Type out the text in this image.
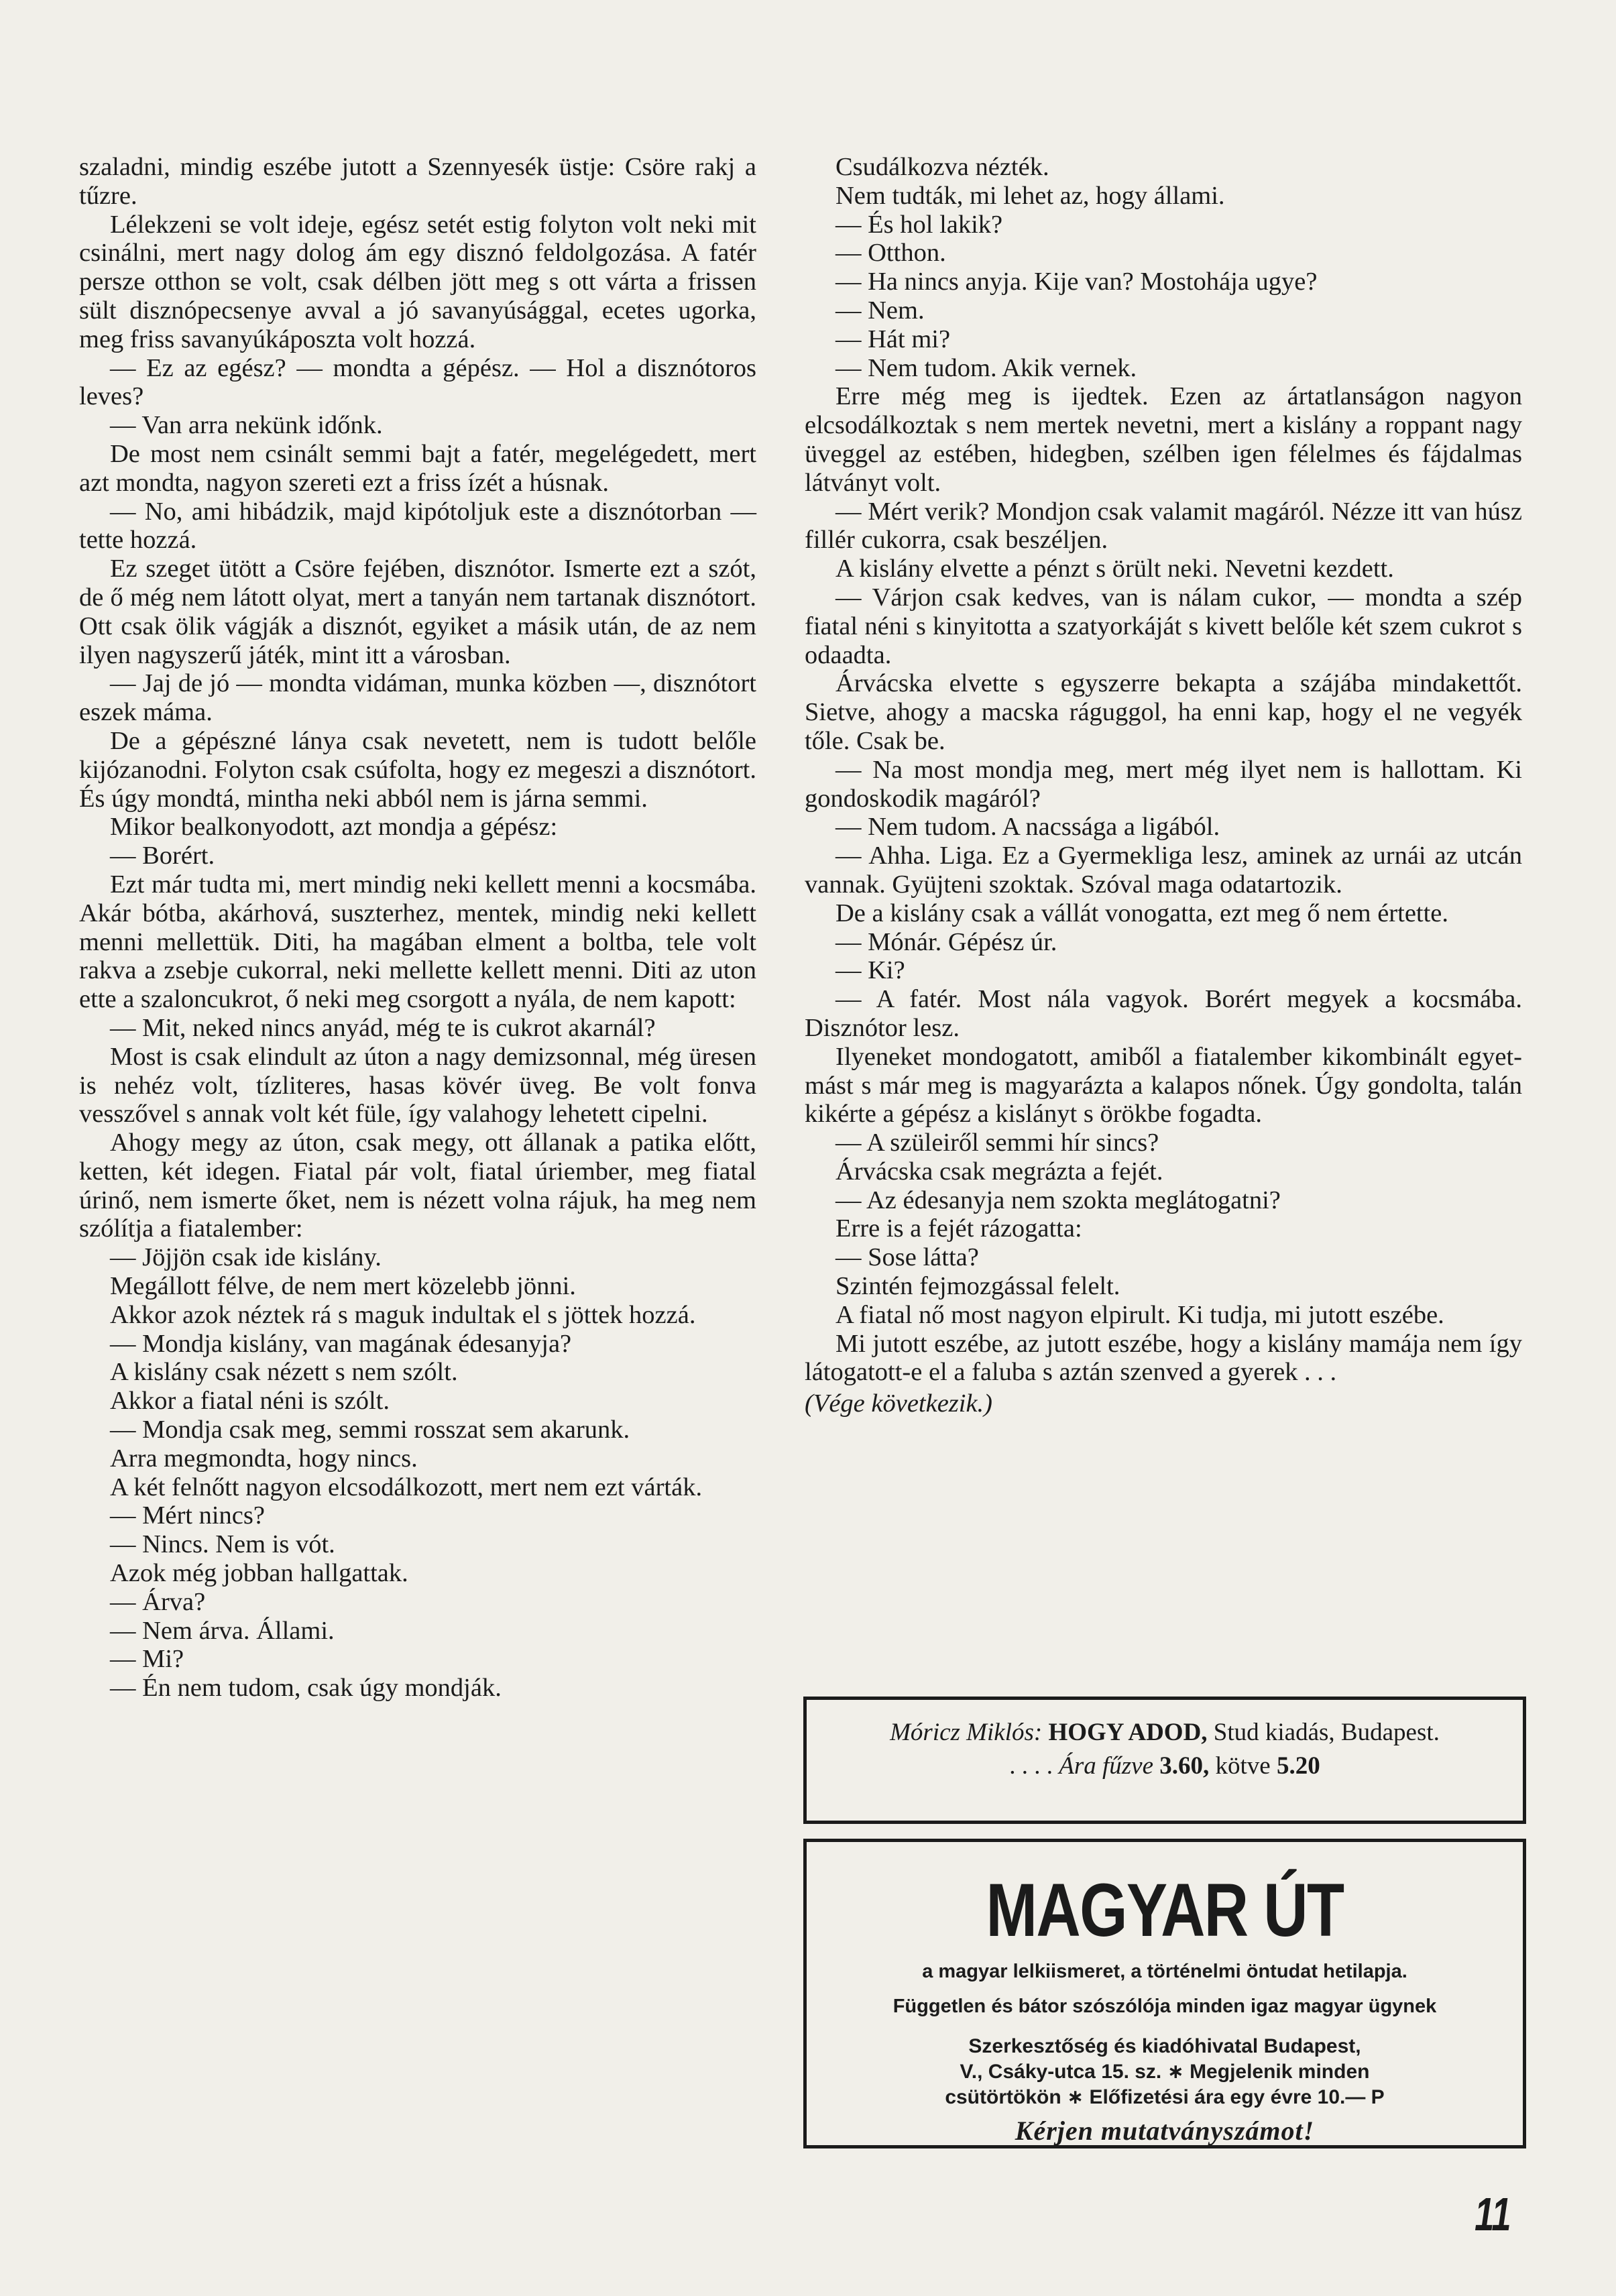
szaladni, mindig eszébe jutott a Szennyesék üstje: Csöre rakj a tűzre.

Lélekzeni se volt ideje, egész setét estig folyton volt neki mit csinálni, mert nagy dolog ám egy disznó feldolgozása. A fatér persze otthon se volt, csak délben jött meg s ott várta a frissen sült disznópecsenye avval a jó savanyúsággal, ecetes ugorka, meg friss savanyúkáposzta volt hozzá.

— Ez az egész? — mondta a gépész. — Hol a disznótoros leves?

— Van arra nekünk időnk.

De most nem csinált semmi bajt a fatér, megelégedett, mert azt mondta, nagyon szereti ezt a friss ízét a húsnak.

— No, ami hibádzik, majd kipótoljuk este a disznótorban — tette hozzá.

Ez szeget ütött a Csöre fejében, disznótor. Ismerte ezt a szót, de ő még nem látott olyat, mert a tanyán nem tartanak disznótort. Ott csak ölik vágják a disznót, egyiket a másik után, de az nem ilyen nagyszerű játék, mint itt a városban.

— Jaj de jó — mondta vidáman, munka közben —, disznótort eszek máma.

De a gépészné lánya csak nevetett, nem is tudott belőle kijózanodni. Folyton csak csúfolta, hogy ez megeszi a disznótort. És úgy mondtá, mintha neki abból nem is járna semmi.

Mikor bealkonyodott, azt mondja a gépész:

— Borért.

Ezt már tudta mi, mert mindig neki kellett menni a kocsmába. Akár bótba, akárhová, suszterhez, mentek, mindig neki kellett menni mellettük. Diti, ha magában elment a boltba, tele volt rakva a zsebje cukorral, neki mellette kellett menni. Diti az uton ette a szaloncukrot, ő neki meg csorgott a nyála, de nem kapott:

— Mit, neked nincs anyád, még te is cukrot akarnál?

Most is csak elindult az úton a nagy demizsonnal, még üresen is nehéz volt, tízliteres, hasas kövér üveg. Be volt fonva vesszővel s annak volt két füle, így valahogy lehetett cipelni.

Ahogy megy az úton, csak megy, ott állanak a patika előtt, ketten, két idegen. Fiatal pár volt, fiatal úriember, meg fiatal úrinő, nem ismerte őket, nem is nézett volna rájuk, ha meg nem szólítja a fiatalember:

— Jöjjön csak ide kislány.

Megállott félve, de nem mert közelebb jönni.

Akkor azok néztek rá s maguk indultak el s jöttek hozzá.

— Mondja kislány, van magának édesanyja?

A kislány csak nézett s nem szólt.

Akkor a fiatal néni is szólt.

— Mondja csak meg, semmi rosszat sem akarunk.

Arra megmondta, hogy nincs.

A két felnőtt nagyon elcsodálkozott, mert nem ezt várták.

— Mért nincs?

— Nincs. Nem is vót.

Azok még jobban hallgattak.

— Árva?

— Nem árva. Állami.

— Mi?

— Én nem tudom, csak úgy mondják.

Csudálkozva nézték.

Nem tudták, mi lehet az, hogy állami.

— És hol lakik?

— Otthon.

— Ha nincs anyja. Kije van? Mostohája ugye?

— Nem.

— Hát mi?

— Nem tudom. Akik vernek.

Erre még meg is ijedtek. Ezen az ártatlanságon nagyon elcsodálkoztak s nem mertek nevetni, mert a kislány a roppant nagy üveggel az estében, hidegben, szélben igen félelmes és fájdalmas látványt volt.

— Mért verik? Mondjon csak valamit magáról. Nézze itt van húsz fillér cukorra, csak beszéljen.

A kislány elvette a pénzt s örült neki. Nevetni kezdett.

— Várjon csak kedves, van is nálam cukor, — mondta a szép fiatal néni s kinyitotta a szatyorkáját s kivett belőle két szem cukrot s odaadta.

Árvácska elvette s egyszerre bekapta a szájába mindakettőt. Sietve, ahogy a macska ráguggol, ha enni kap, hogy el ne vegyék tőle. Csak be.

— Na most mondja meg, mert még ilyet nem is hallottam. Ki gondoskodik magáról?

— Nem tudom. A nacssága a ligából.

— Ahha. Liga. Ez a Gyermekliga lesz, aminek az urnái az utcán vannak. Gyüjteni szoktak. Szóval maga odatartozik.

De a kislány csak a vállát vonogatta, ezt meg ő nem értette.

— Mónár. Gépész úr.

— Ki?

— A fatér. Most nála vagyok. Borért megyek a kocsmába. Disznótor lesz.

Ilyeneket mondogatott, amiből a fiatalember kikombinált egyet-mást s már meg is magyarázta a kalapos nőnek. Úgy gondolta, talán kikérte a gépész a kislányt s örökbe fogadta.

— A szüleiről semmi hír sincs?

Árvácska csak megrázta a fejét.

— Az édesanyja nem szokta meglátogatni?

Erre is a fejét rázogatta:

— Sose látta?

Szintén fejmozgással felelt.

A fiatal nő most nagyon elpirult. Ki tudja, mi jutott eszébe.

Mi jutott eszébe, az jutott eszébe, hogy a kislány mamája nem így látogatott-e el a faluba s aztán szenved a gyerek . . .

(Vége következik.)

Móricz Miklós: HOGY ADOD, Stud kiadás, Budapest.
. . . . Ára fűzve 3.60, kötve 5.20
MAGYAR ÚT
a magyar lelkiismeret, a történelmi öntudat hetilapja.
Független és bátor szószólója minden igaz magyar ügynek
Szerkesztőség és kiadóhivatal Budapest,
V., Csáky-utca 15. sz. ∗ Megjelenik minden
csütörtökön ∗ Előfizetési ára egy évre 10.— P
Kérjen mutatványszámot!
11
